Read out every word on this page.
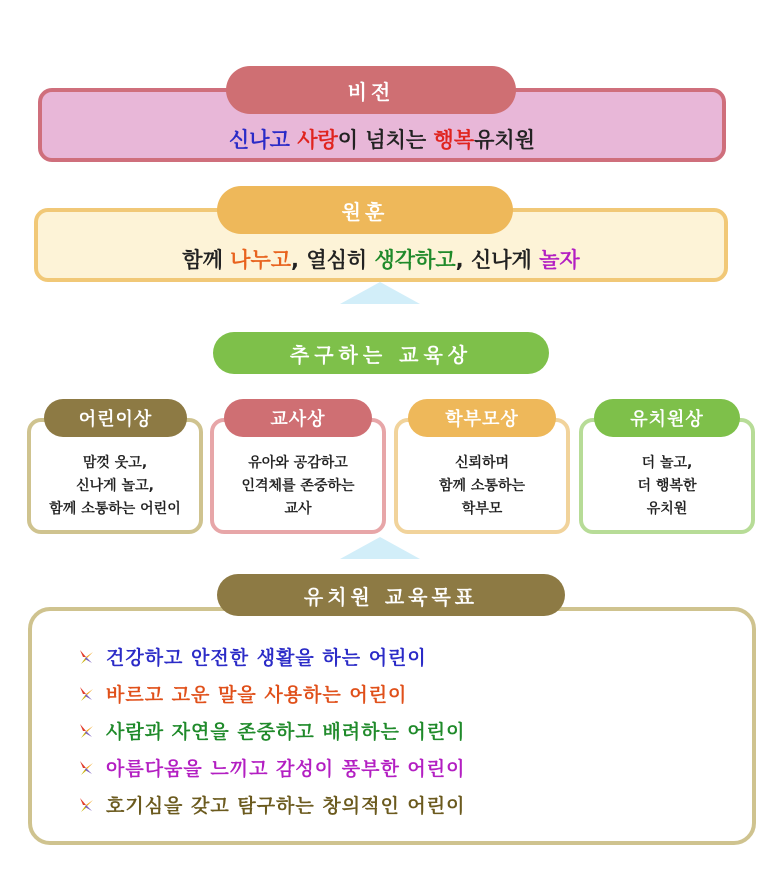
비전
신나고 사랑이 넘치는 행복유치원
원훈
함께 나누고, 열심히 생각하고, 신나게 놀자
추구하는 교육상
어린이상
맘껏 웃고,
신나게 놀고,
함께 소통하는 어린이
교사상
유아와 공감하고
인격체를 존중하는
교사
학부모상
신뢰하며
함께 소통하는
학부모
유치원상
더 놀고,
더 행복한
유치원
유치원 교육목표
건강하고 안전한 생활을 하는 어린이
바르고 고운 말을 사용하는 어린이
사람과 자연을 존중하고 배려하는 어린이
아름다움을 느끼고 감성이 풍부한 어린이
호기심을 갖고 탐구하는 창의적인 어린이
